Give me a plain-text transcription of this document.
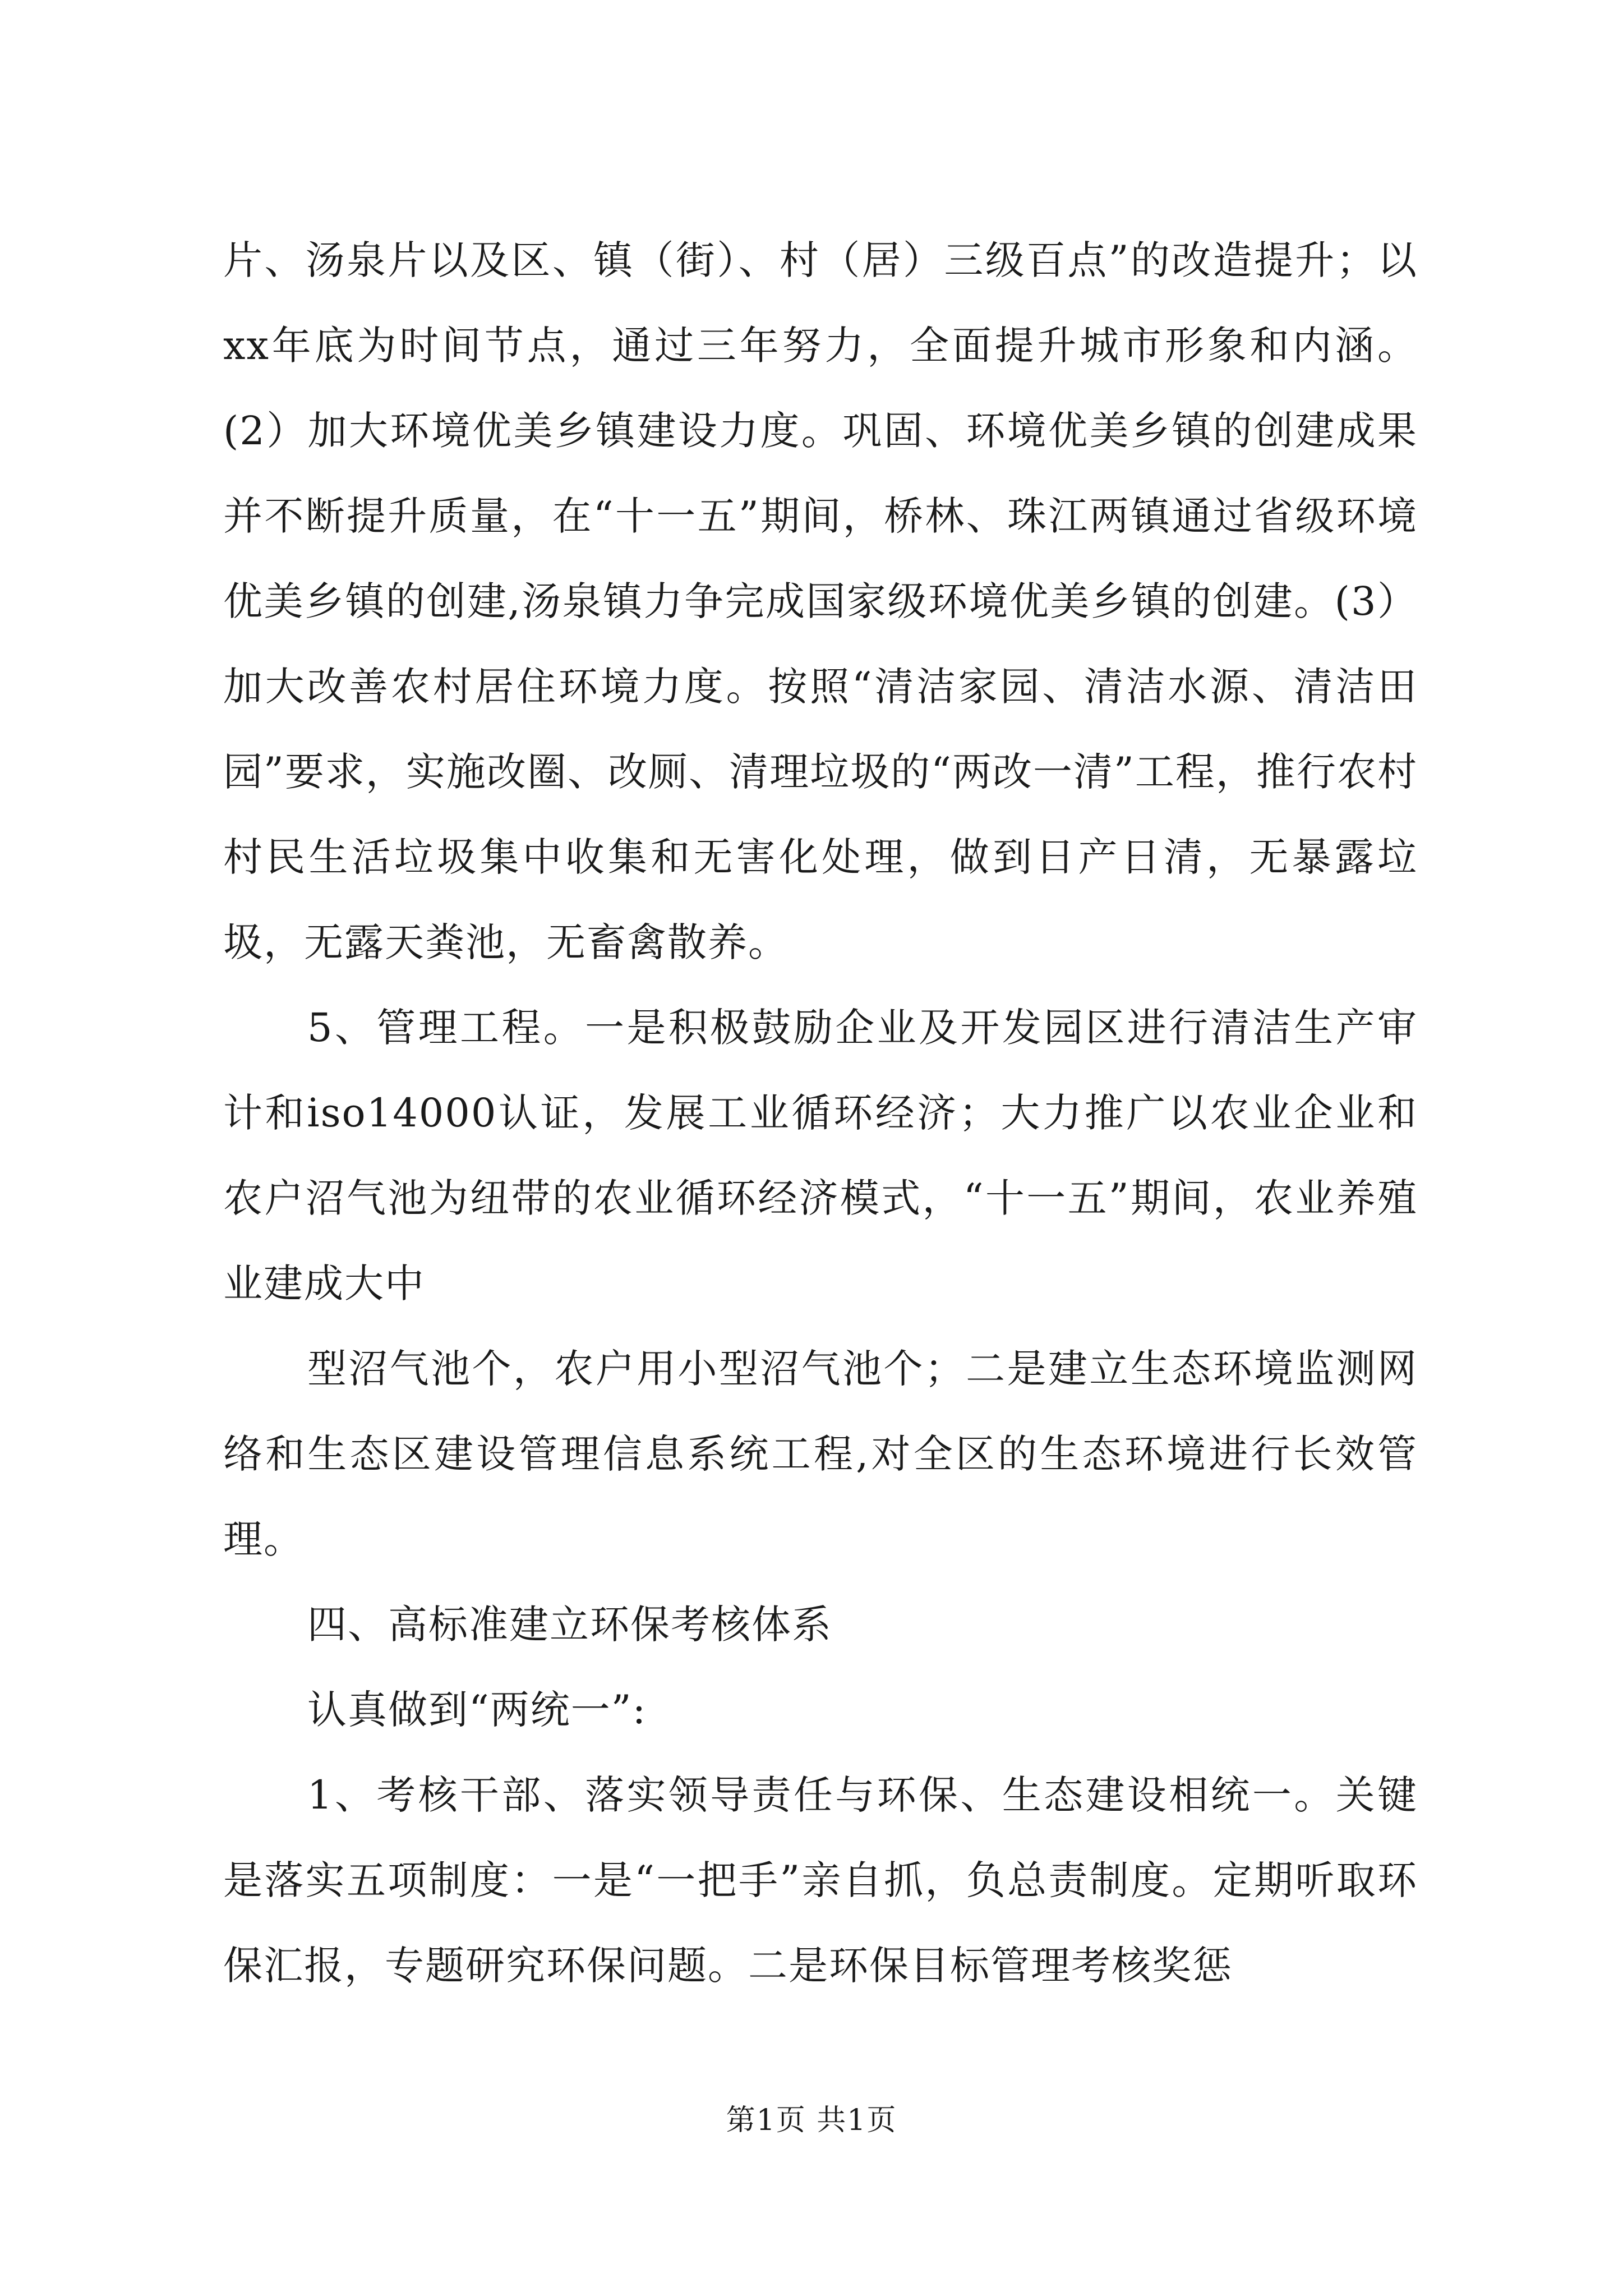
片、汤泉片以及区、镇（街）、村（居）三级百点”的改造提升；以xx年底为时间节点，通过三年努力，全面提升城市形象和内涵。(2）加大环境优美乡镇建设力度。巩固、环境优美乡镇的创建成果并不断提升质量，在“十一五”期间，桥林、珠江两镇通过省级环境优美乡镇的创建,汤泉镇力争完成国家级环境优美乡镇的创建。(3）加大改善农村居住环境力度。按照“清洁家园、清洁水源、清洁田园”要求，实施改圈、改厕、清理垃圾的“两改一清”工程，推行农村村民生活垃圾集中收集和无害化处理，做到日产日清，无暴露垃圾，无露天粪池，无畜禽散养。

5、管理工程。一是积极鼓励企业及开发园区进行清洁生产审计和iso14000认证，发展工业循环经济；大力推广以农业企业和农户沼气池为纽带的农业循环经济模式，“十一五”期间，农业养殖业建成大中

型沼气池个，农户用小型沼气池个；二是建立生态环境监测网络和生态区建设管理信息系统工程,对全区的生态环境进行长效管理。

四、高标准建立环保考核体系

认真做到“两统一”:

1、考核干部、落实领导责任与环保、生态建设相统一。关键是落实五项制度：一是“一把手”亲自抓，负总责制度。定期听取环保汇报，专题研究环保问题。二是环保目标管理考核奖惩

第1页 共1页
